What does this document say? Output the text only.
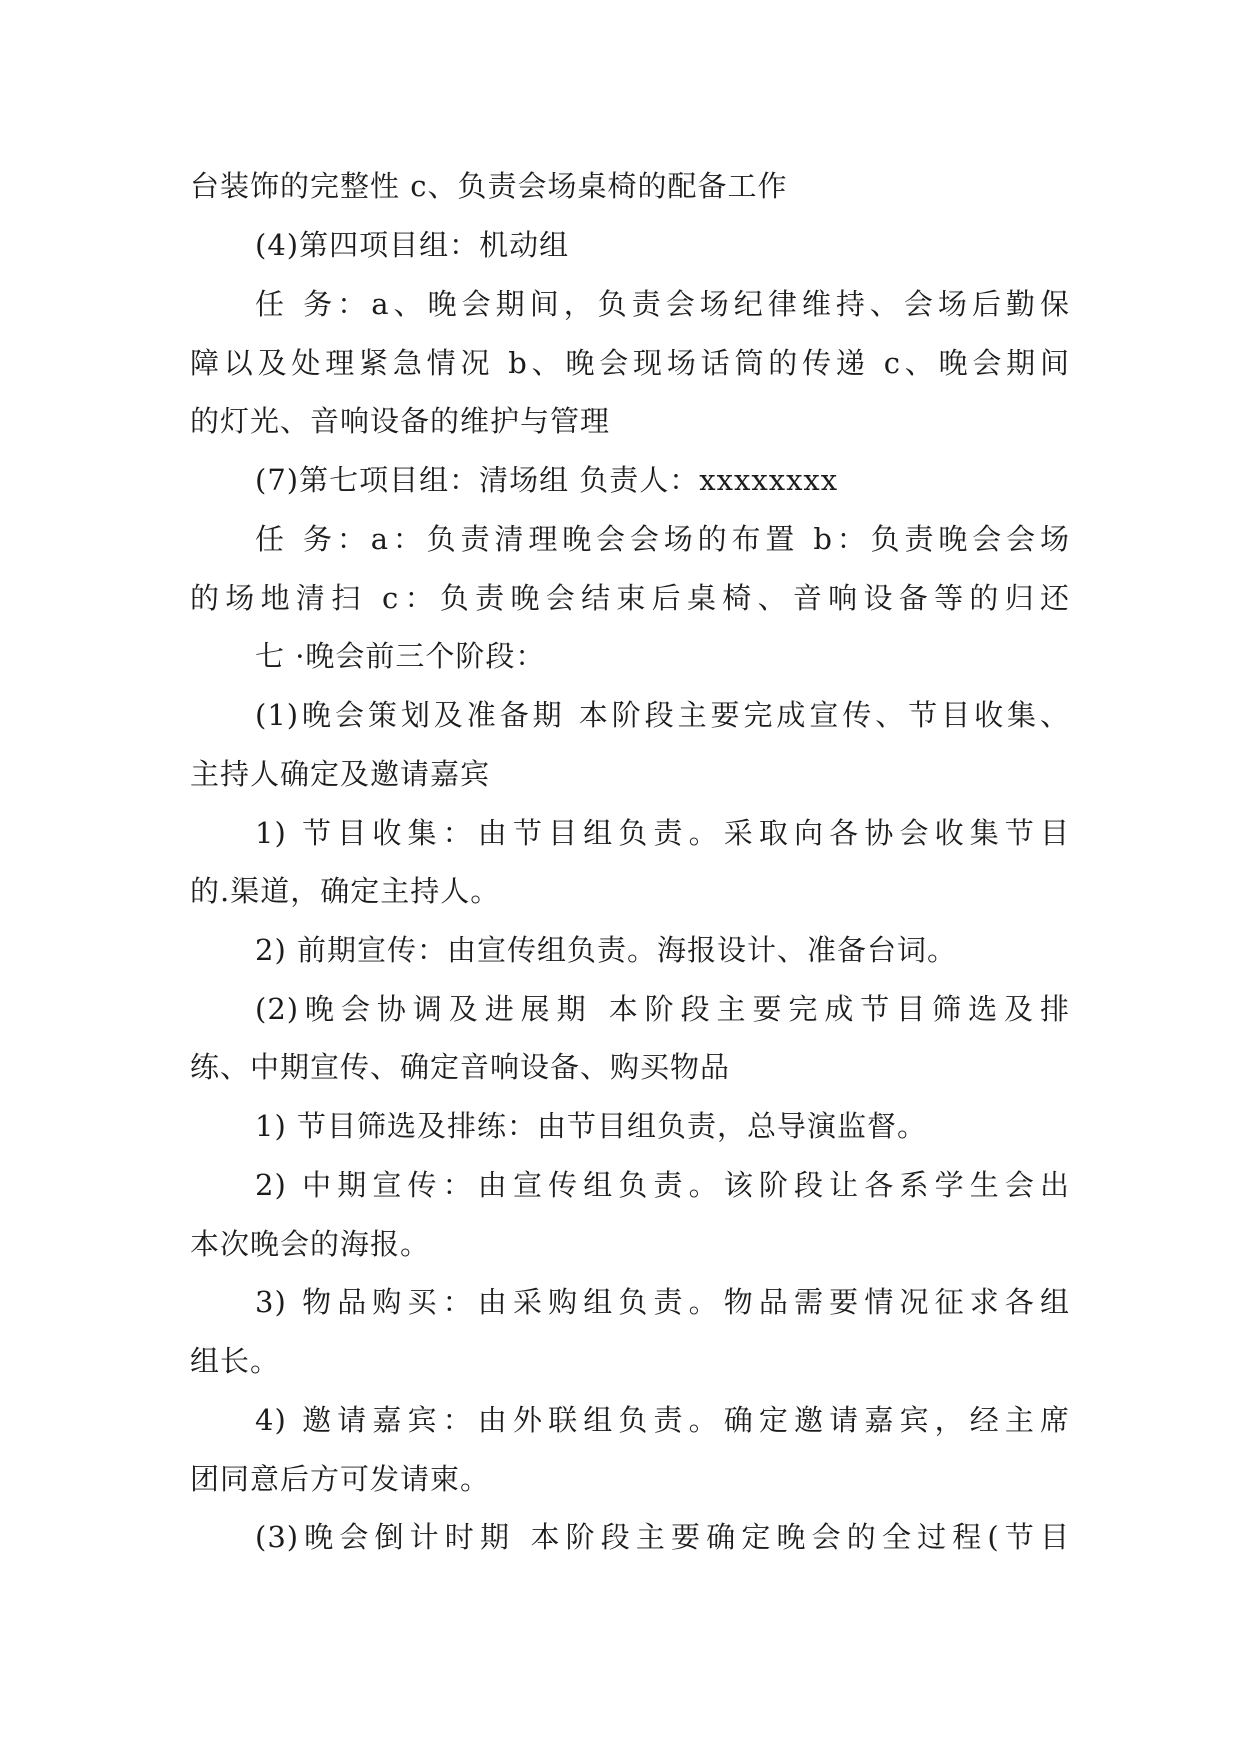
台装饰的完整性 c、负责会场桌椅的配备工作
(4)第四项目组：机动组
任 务：a、晚会期间，负责会场纪律维持、会场后勤保
障以及处理紧急情况 b、晚会现场话筒的传递 c、晚会期间
的灯光、音响设备的维护与管理
(7)第七项目组：清场组 负责人：xxxxxxxx
任 务：a：负责清理晚会会场的布置 b：负责晚会会场
的场地清扫 c：负责晚会结束后桌椅、音响设备等的归还
七 ·晚会前三个阶段：
(1)晚会策划及准备期 本阶段主要完成宣传、节目收集、
主持人确定及邀请嘉宾
1) 节目收集：由节目组负责。采取向各协会收集节目
的.渠道，确定主持人。
2) 前期宣传：由宣传组负责。海报设计、准备台词。
(2)晚会协调及进展期 本阶段主要完成节目筛选及排
练、中期宣传、确定音响设备、购买物品
1) 节目筛选及排练：由节目组负责，总导演监督。
2) 中期宣传：由宣传组负责。该阶段让各系学生会出
本次晚会的海报。
3) 物品购买：由采购组负责。物品需要情况征求各组
组长。
4) 邀请嘉宾：由外联组负责。确定邀请嘉宾，经主席
团同意后方可发请柬。
(3)晚会倒计时期 本阶段主要确定晚会的全过程(节目
